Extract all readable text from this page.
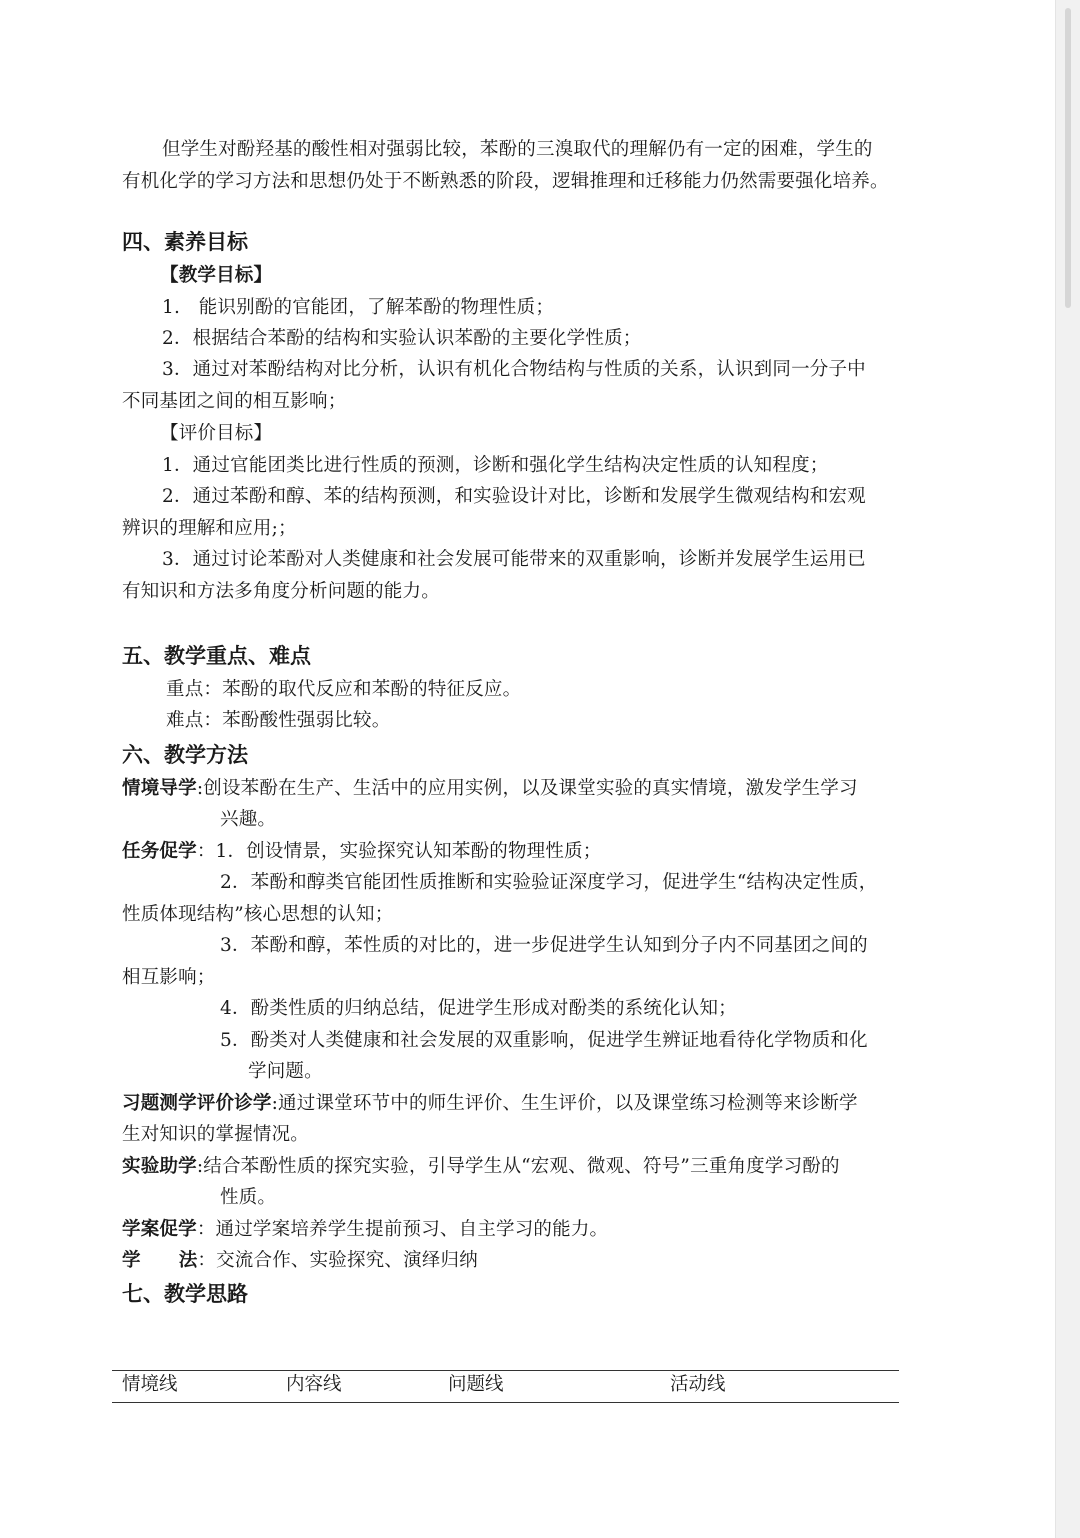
但学生对酚羟基的酸性相对强弱比较，苯酚的三溴取代的理解仍有一定的困难，学生的
有机化学的学习方法和思想仍处于不断熟悉的阶段，逻辑推理和迁移能力仍然需要强化培养。
四、素养目标
【教学目标】
1.　能识别酚的官能团，了解苯酚的物理性质；
2．根据结合苯酚的结构和实验认识苯酚的主要化学性质；
3．通过对苯酚结构对比分析，认识有机化合物结构与性质的关系，认识到同一分子中
不同基团之间的相互影响；
【评价目标】
1．通过官能团类比进行性质的预测，诊断和强化学生结构决定性质的认知程度；
2．通过苯酚和醇、苯的结构预测，和实验设计对比，诊断和发展学生微观结构和宏观
辨识的理解和应用;；
3．通过讨论苯酚对人类健康和社会发展可能带来的双重影响，诊断并发展学生运用已
有知识和方法多角度分析问题的能力。
五、教学重点、难点
重点：苯酚的取代反应和苯酚的特征反应。
难点：苯酚酸性强弱比较。
六、教学方法
情境导学:创设苯酚在生产、生活中的应用实例，以及课堂实验的真实情境，激发学生学习
兴趣。
任务促学：1．创设情景，实验探究认知苯酚的物理性质；
2．苯酚和醇类官能团性质推断和实验验证深度学习，促进学生“结构决定性质，
性质体现结构”核心思想的认知；
3．苯酚和醇，苯性质的对比的，进一步促进学生认知到分子内不同基团之间的
相互影响；
4．酚类性质的归纳总结，促进学生形成对酚类的系统化认知；
5．酚类对人类健康和社会发展的双重影响，促进学生辨证地看待化学物质和化
学问题。
习题测学评价诊学:通过课堂环节中的师生评价、生生评价，以及课堂练习检测等来诊断学
生对知识的掌握情况。
实验助学:结合苯酚性质的探究实验，引导学生从“宏观、微观、符号”三重角度学习酚的
性质。
学案促学：通过学案培养学生提前预习、自主学习的能力。
学 法：交流合作、实验探究、演绎归纳
七、教学思路
情境线	内容线	问题线	活动线
